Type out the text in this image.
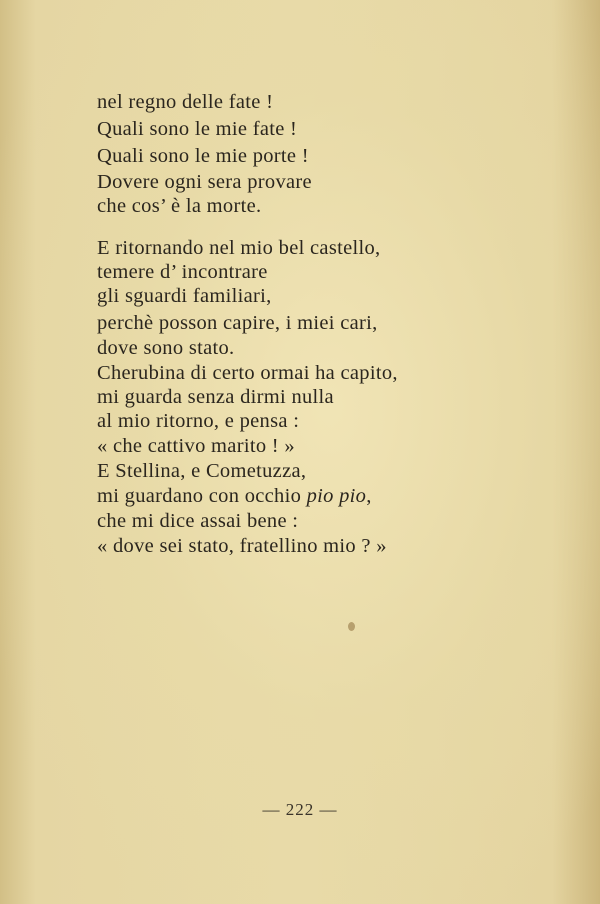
nel regno delle fate !
Quali sono le mie fate !
Quali sono le mie porte !
Dovere ogni sera provare
che cos’ è la morte.
E ritornando nel mio bel castello,
temere d’ incontrare
gli sguardi familiari,
perchè posson capire, i miei cari,
dove sono stato.
Cherubina di certo ormai ha capito,
mi guarda senza dirmi nulla
al mio ritorno, e pensa :
« che cattivo marito ! »
E Stellina, e Cometuzza,
mi guardano con occhio pio pio,
che mi dice assai bene :
« dove sei stato, fratellino mio ? »
— 222 —
